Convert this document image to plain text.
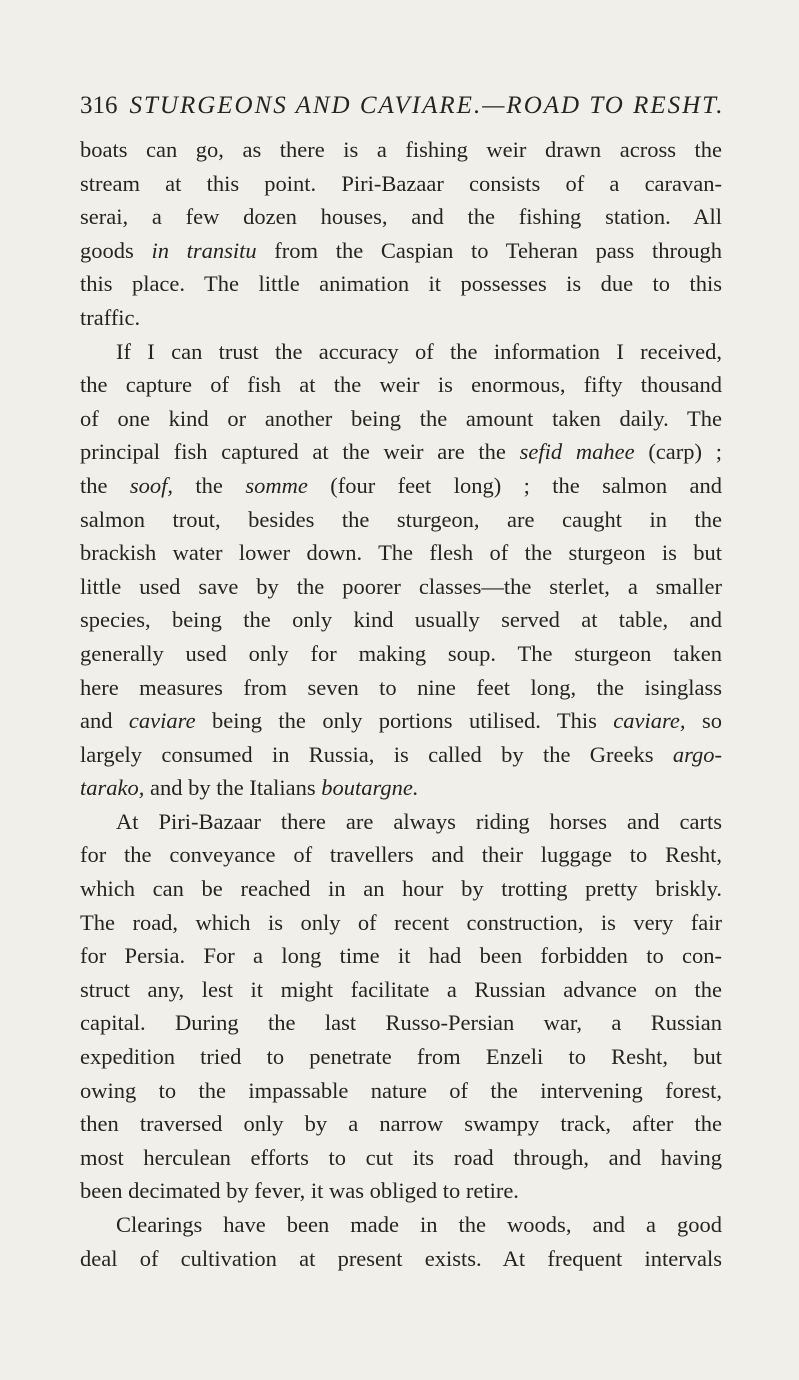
316 STURGEONS AND CAVIARE.—ROAD TO RESHT.
boats can go, as there is a fishing weir drawn across the
stream at this point. Piri-Bazaar consists of a caravan-
serai, a few dozen houses, and the fishing station. All
goods in transitu from the Caspian to Teheran pass through
this place. The little animation it possesses is due to this
traffic.
If I can trust the accuracy of the information I received,
the capture of fish at the weir is enormous, fifty thousand
of one kind or another being the amount taken daily. The
principal fish captured at the weir are the sefid mahee (carp) ;
the soof, the somme (four feet long) ; the salmon and
salmon trout, besides the sturgeon, are caught in the
brackish water lower down. The flesh of the sturgeon is but
little used save by the poorer classes—the sterlet, a smaller
species, being the only kind usually served at table, and
generally used only for making soup. The sturgeon taken
here measures from seven to nine feet long, the isinglass
and caviare being the only portions utilised. This caviare, so
largely consumed in Russia, is called by the Greeks argo-
tarako, and by the Italians boutargne.
At Piri-Bazaar there are always riding horses and carts
for the conveyance of travellers and their luggage to Resht,
which can be reached in an hour by trotting pretty briskly.
The road, which is only of recent construction, is very fair
for Persia. For a long time it had been forbidden to con-
struct any, lest it might facilitate a Russian advance on the
capital. During the last Russo-Persian war, a Russian
expedition tried to penetrate from Enzeli to Resht, but
owing to the impassable nature of the intervening forest,
then traversed only by a narrow swampy track, after the
most herculean efforts to cut its road through, and having
been decimated by fever, it was obliged to retire.
Clearings have been made in the woods, and a good
deal of cultivation at present exists. At frequent intervals
